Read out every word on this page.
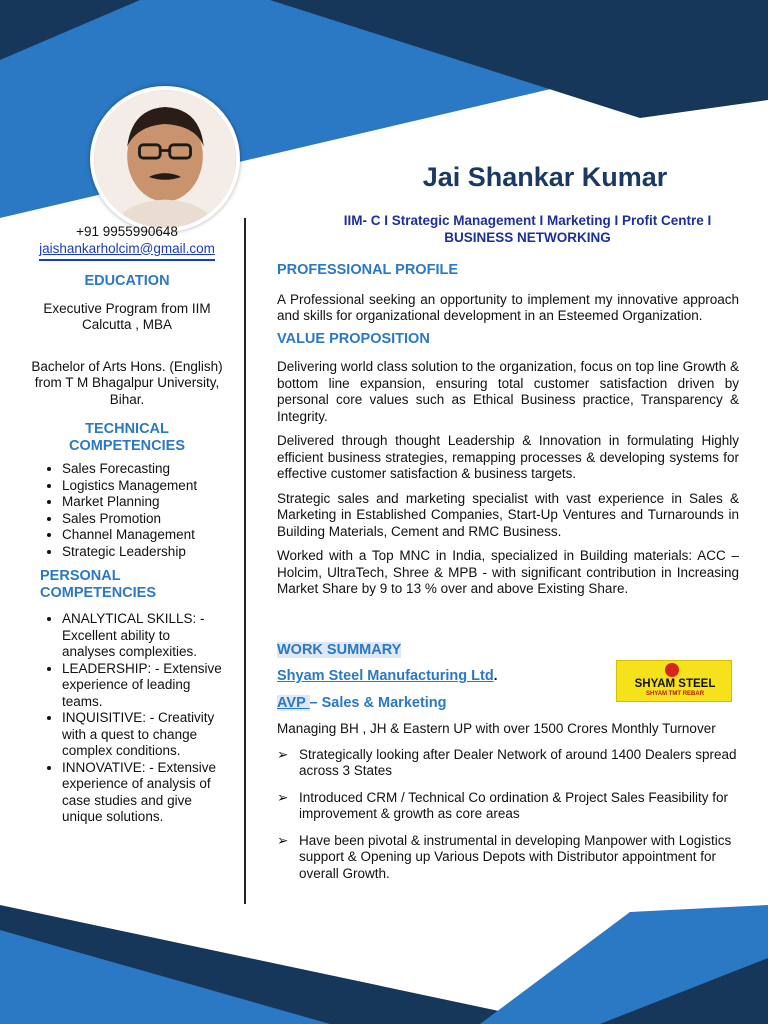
Jai Shankar Kumar
IIM- C I Strategic Management I Marketing I Profit Centre I
BUSINESS NETWORKING
+91 9955990648
jaishankarholcim@gmail.com
EDUCATION
Executive Program from IIM Calcutta , MBA
Bachelor of Arts Hons. (English) from T M Bhagalpur University, Bihar.
TECHNICAL
COMPETENCIES
• Sales Forecasting
• Logistics Management
• Market Planning
• Sales Promotion
• Channel Management
• Strategic Leadership
PERSONAL
COMPETENCIES
• ANALYTICAL SKILLS: - Excellent ability to analyses complexities.
• LEADERSHIP: - Extensive experience of leading teams.
• INQUISITIVE: - Creativity with a quest to change complex conditions.
• INNOVATIVE: - Extensive experience of analysis of case studies and give unique solutions.
PROFESSIONAL PROFILE
A Professional seeking an opportunity to implement my innovative approach and skills for organizational development in an Esteemed Organization.
VALUE PROPOSITION
Delivering world class solution to the organization, focus on top line Growth & bottom line expansion, ensuring total customer satisfaction driven by personal core values such as Ethical Business practice, Transparency & Integrity.
Delivered through thought Leadership & Innovation in formulating Highly efficient business strategies, remapping processes & developing systems for effective customer satisfaction & business targets.
Strategic sales and marketing specialist with vast experience in Sales & Marketing in Established Companies, Start-Up Ventures and Turnarounds in Building Materials, Cement and RMC Business.
Worked with a Top MNC in India, specialized in Building materials: ACC – Holcim, UltraTech, Shree & MPB - with significant contribution in Increasing Market Share by 9 to 13 % over and above Existing Share.
WORK SUMMARY
Shyam Steel Manufacturing Ltd.
AVP – Sales & Marketing
Managing BH , JH & Eastern UP with over 1500 Crores Monthly Turnover
➢ Strategically looking after Dealer Network of around 1400 Dealers spread across 3 States
➢ Introduced CRM / Technical Co ordination & Project Sales Feasibility for improvement & growth as core areas
➢ Have been pivotal & instrumental in developing Manpower with Logistics support & Opening up Various Depots with Distributor appointment for overall Growth.
SHYAM STEEL
SHYAM TMT REBAR
